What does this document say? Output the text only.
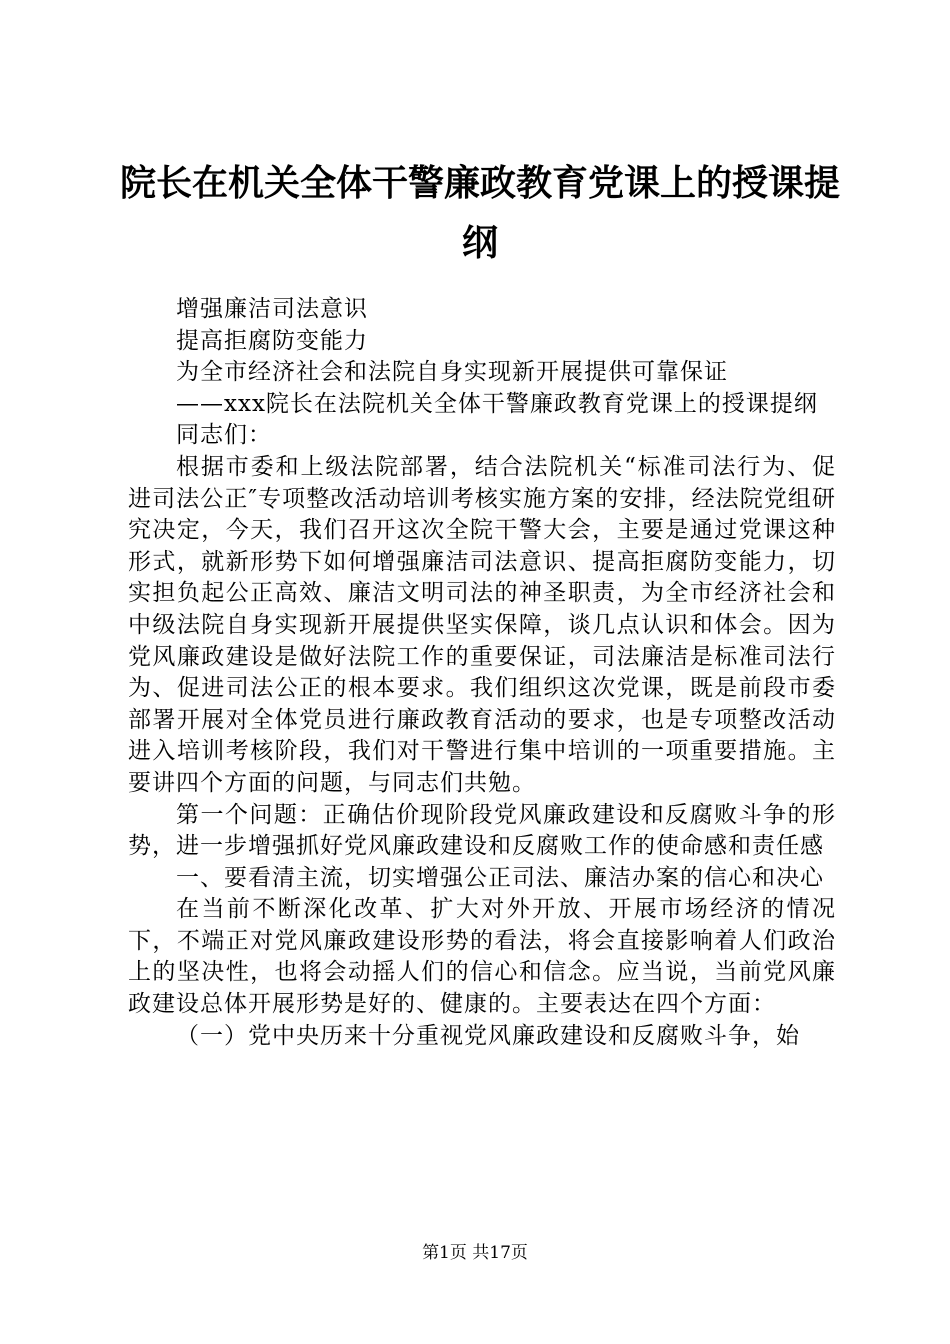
院长在机关全体干警廉政教育党课上的授课提
纲

增强廉洁司法意识

提高拒腐防变能力

为全市经济社会和法院自身实现新开展提供可靠保证

——xxx院长在法院机关全体干警廉政教育党课上的授课提纲

同志们：

根据市委和上级法院部署，结合法院机关“标准司法行为、促进司法公正″专项整改活动培训考核实施方案的安排，经法院党组研究决定，今天，我们召开这次全院干警大会，主要是通过党课这种形式，就新形势下如何增强廉洁司法意识、提高拒腐防变能力，切实担负起公正高效、廉洁文明司法的神圣职责，为全市经济社会和中级法院自身实现新开展提供坚实保障，谈几点认识和体会。因为党风廉政建设是做好法院工作的重要保证，司法廉洁是标准司法行为、促进司法公正的根本要求。我们组织这次党课，既是前段市委部署开展对全体党员进行廉政教育活动的要求，也是专项整改活动进入培训考核阶段，我们对干警进行集中培训的一项重要措施。主要讲四个方面的问题，与同志们共勉。

第一个问题：正确估价现阶段党风廉政建设和反腐败斗争的形势，进一步增强抓好党风廉政建设和反腐败工作的使命感和责任感

一、要看清主流，切实增强公正司法、廉洁办案的信心和决心

在当前不断深化改革、扩大对外开放、开展市场经济的情况下，不端正对党风廉政建设形势的看法，将会直接影响着人们政治上的坚决性，也将会动摇人们的信心和信念。应当说，当前党风廉政建设总体开展形势是好的、健康的。主要表达在四个方面：

（一）党中央历来十分重视党风廉政建设和反腐败斗争，始

第1页 共17页
